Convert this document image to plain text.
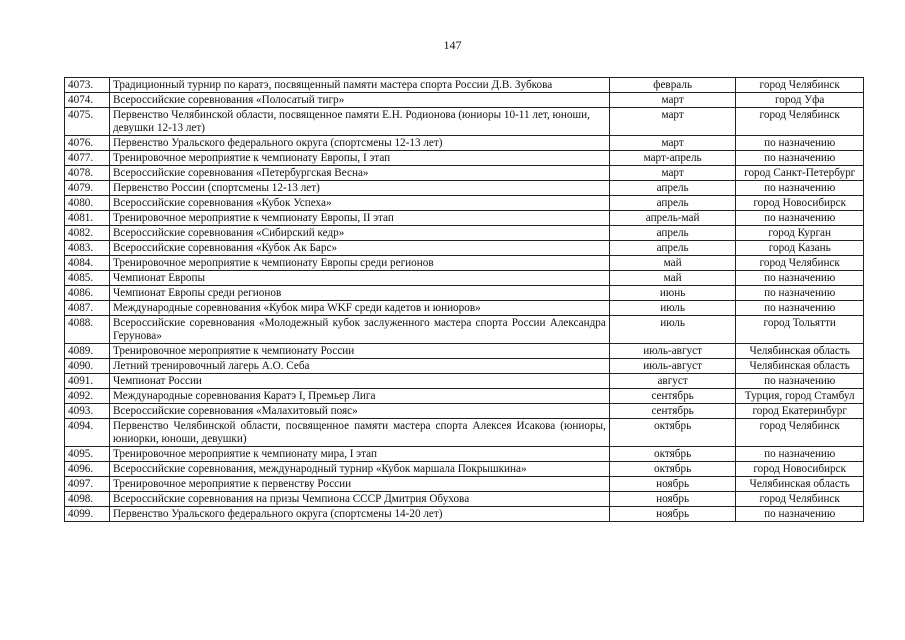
147
4073.	Традиционный турнир по каратэ, посвященный памяти мастера спорта России Д.В. Зубкова	февраль	город Челябинск
4074.	Всероссийские соревнования «Полосатый тигр»	март	город Уфа
4075.	Первенство Челябинской области, посвященное памяти Е.Н. Родионова (юниоры 10-11 лет, юноши, девушки 12-13 лет)	март	город Челябинск
4076.	Первенство Уральского федерального округа (спортсмены 12-13 лет)	март	по назначению
4077.	Тренировочное мероприятие к чемпионату Европы, I этап	март-апрель	по назначению
4078.	Всероссийские соревнования «Петербургская Весна»	март	город Санкт-Петербург
4079.	Первенство России (спортсмены 12-13 лет)	апрель	по назначению
4080.	Всероссийские соревнования «Кубок Успеха»	апрель	город Новосибирск
4081.	Тренировочное мероприятие к чемпионату Европы, II этап	апрель-май	по назначению
4082.	Всероссийские соревнования «Сибирский кедр»	апрель	город Курган
4083.	Всероссийские соревнования «Кубок Ак Барс»	апрель	город Казань
4084.	Тренировочное мероприятие к чемпионату Европы среди регионов	май	город Челябинск
4085.	Чемпионат Европы	май	по назначению
4086.	Чемпионат Европы среди регионов	июнь	по назначению
4087.	Международные соревнования «Кубок мира WKF среди кадетов и юниоров»	июль	по назначению
4088.	Всероссийские соревнования «Молодежный кубок заслуженного мастера спорта России Александра Герунова»	июль	город Тольятти
4089.	Тренировочное мероприятие к чемпионату России	июль-август	Челябинская область
4090.	Летний тренировочный лагерь А.О. Себа	июль-август	Челябинская область
4091.	Чемпионат России	август	по назначению
4092.	Международные соревнования Каратэ I, Премьер Лига	сентябрь	Турция, город Стамбул
4093.	Всероссийские соревнования «Малахитовый пояс»	сентябрь	город Екатеринбург
4094.	Первенство Челябинской области, посвященное памяти мастера спорта Алексея Исакова (юниоры, юниорки, юноши, девушки)	октябрь	город Челябинск
4095.	Тренировочное мероприятие к чемпионату мира, I этап	октябрь	по назначению
4096.	Всероссийские соревнования, международный турнир «Кубок маршала Покрышкина»	октябрь	город Новосибирск
4097.	Тренировочное мероприятие к первенству России	ноябрь	Челябинская область
4098.	Всероссийские соревнования на призы Чемпиона СССР Дмитрия Обухова	ноябрь	город Челябинск
4099.	Первенство Уральского федерального округа (спортсмены 14-20 лет)	ноябрь	по назначению
